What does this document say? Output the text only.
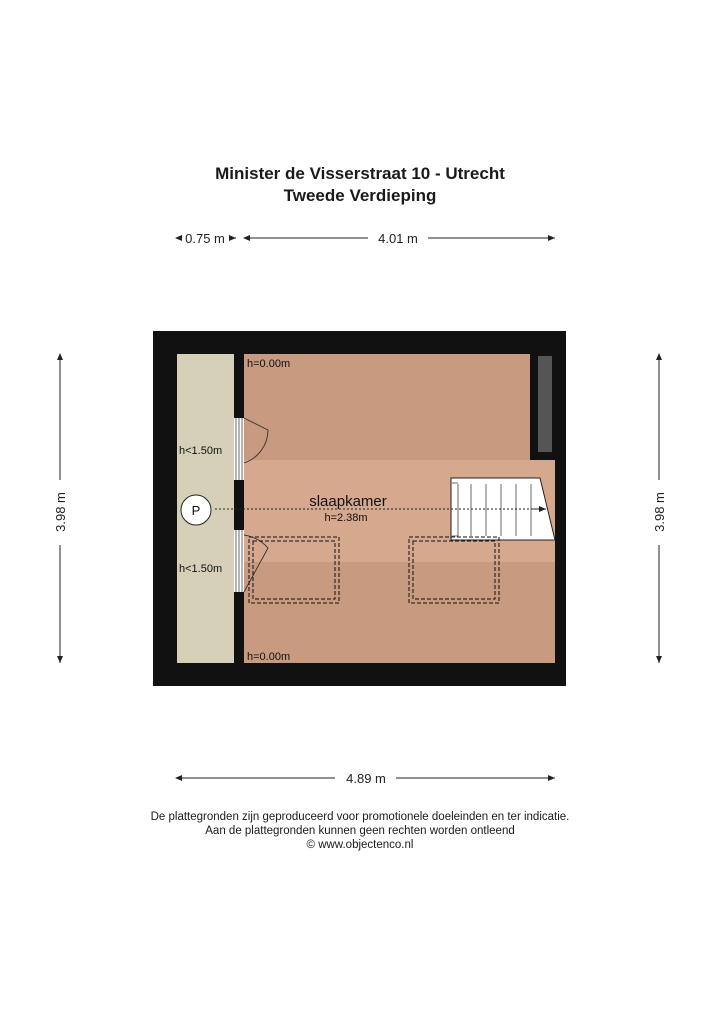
Minister de Visserstraat 10 - Utrecht
Tweede Verdieping
0.75 m	4.01 m
3.98 m	3.98 m
4.89 m
P
h=0.00m
h=0.00m
h<1.50m
h<1.50m
slaapkamer
h=2.38m
De plattegronden zijn geproduceerd voor promotionele doeleinden en ter indicatie.
Aan de plattegronden kunnen geen rechten worden ontleend
© www.objectenco.nl
